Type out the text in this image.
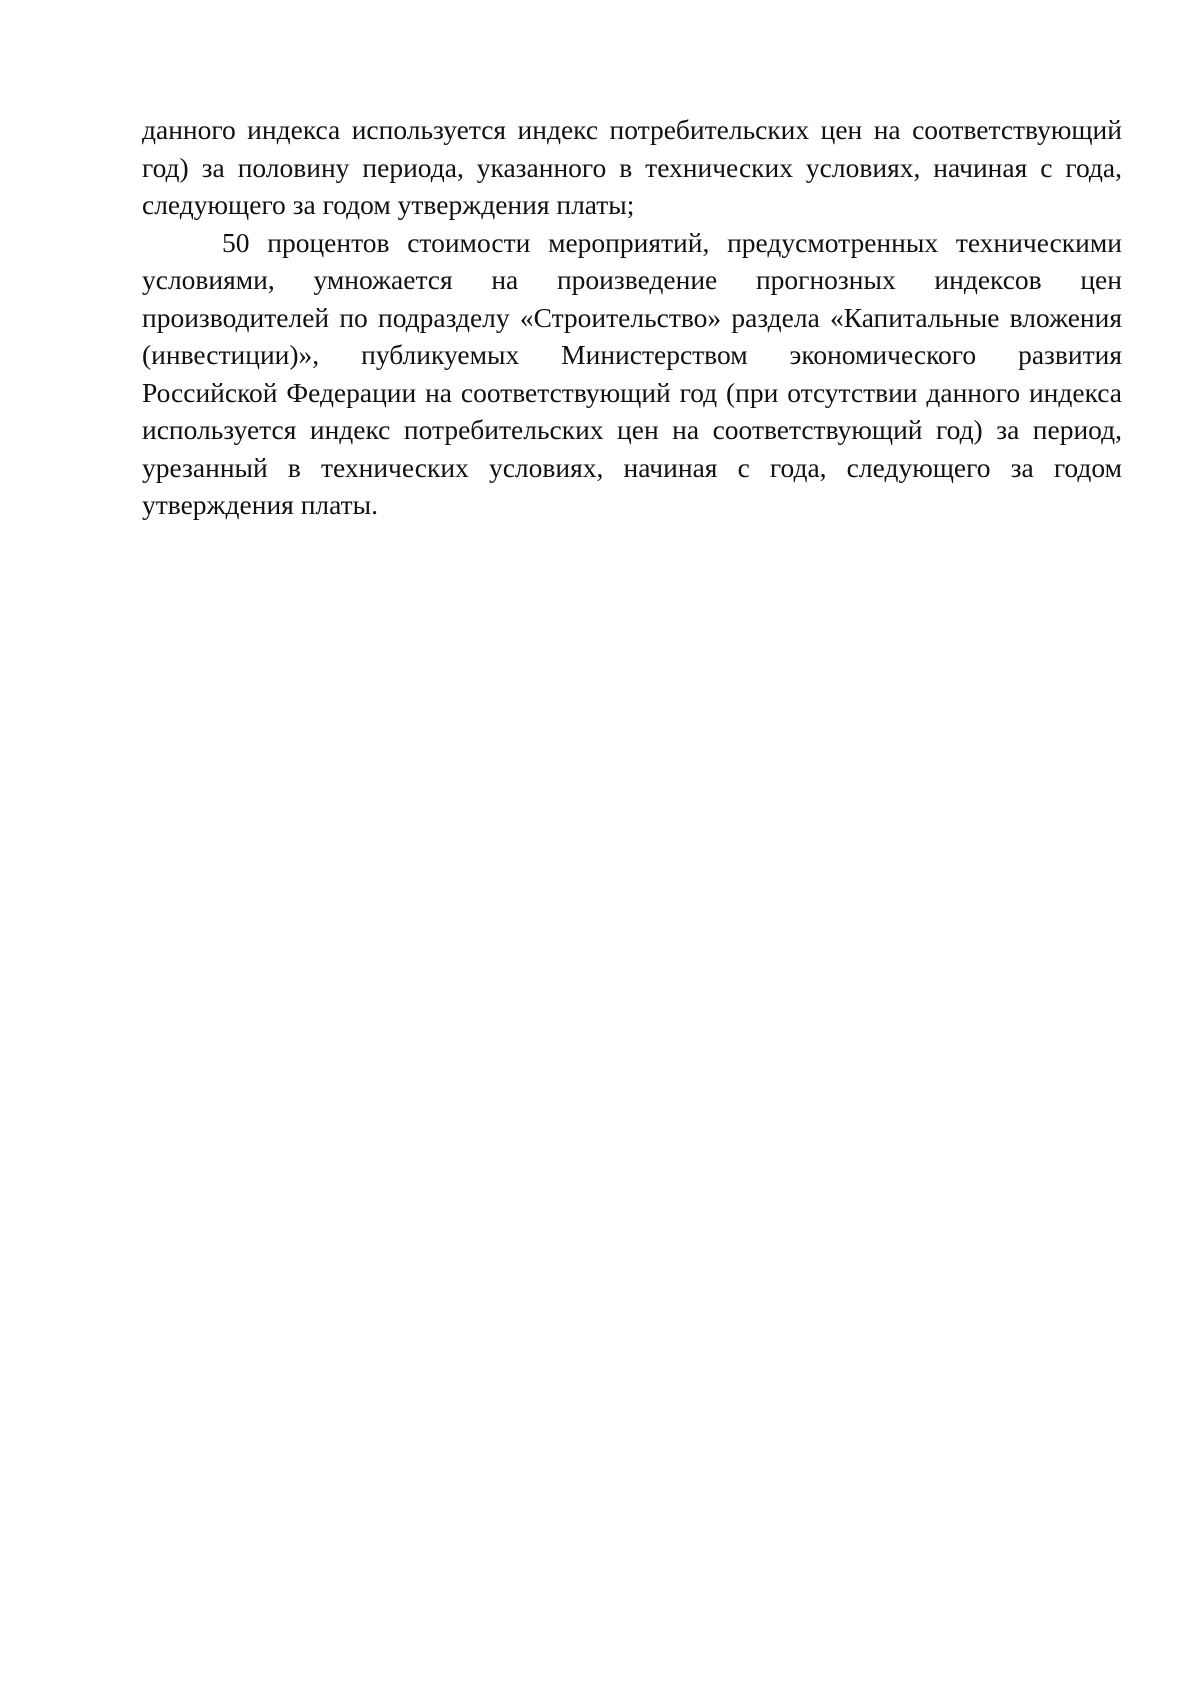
данного индекса используется индекс потребительских цен на соответствующий год) за половину периода, указанного в технических условиях, начиная с года, следующего за годом утверждения платы;

50 процентов стоимости мероприятий, предусмотренных техническими условиями, умножается на произведение прогнозных индексов цен производителей по подразделу «Строительство» раздела «Капитальные вложения (инвестиции)», публикуемых Министерством экономического развития Российской Федерации на соответствующий год (при отсутствии данного индекса используется индекс потребительских цен на соответствующий год) за период, урезанный в технических условиях, начиная с года, следующего за годом утверждения платы.
